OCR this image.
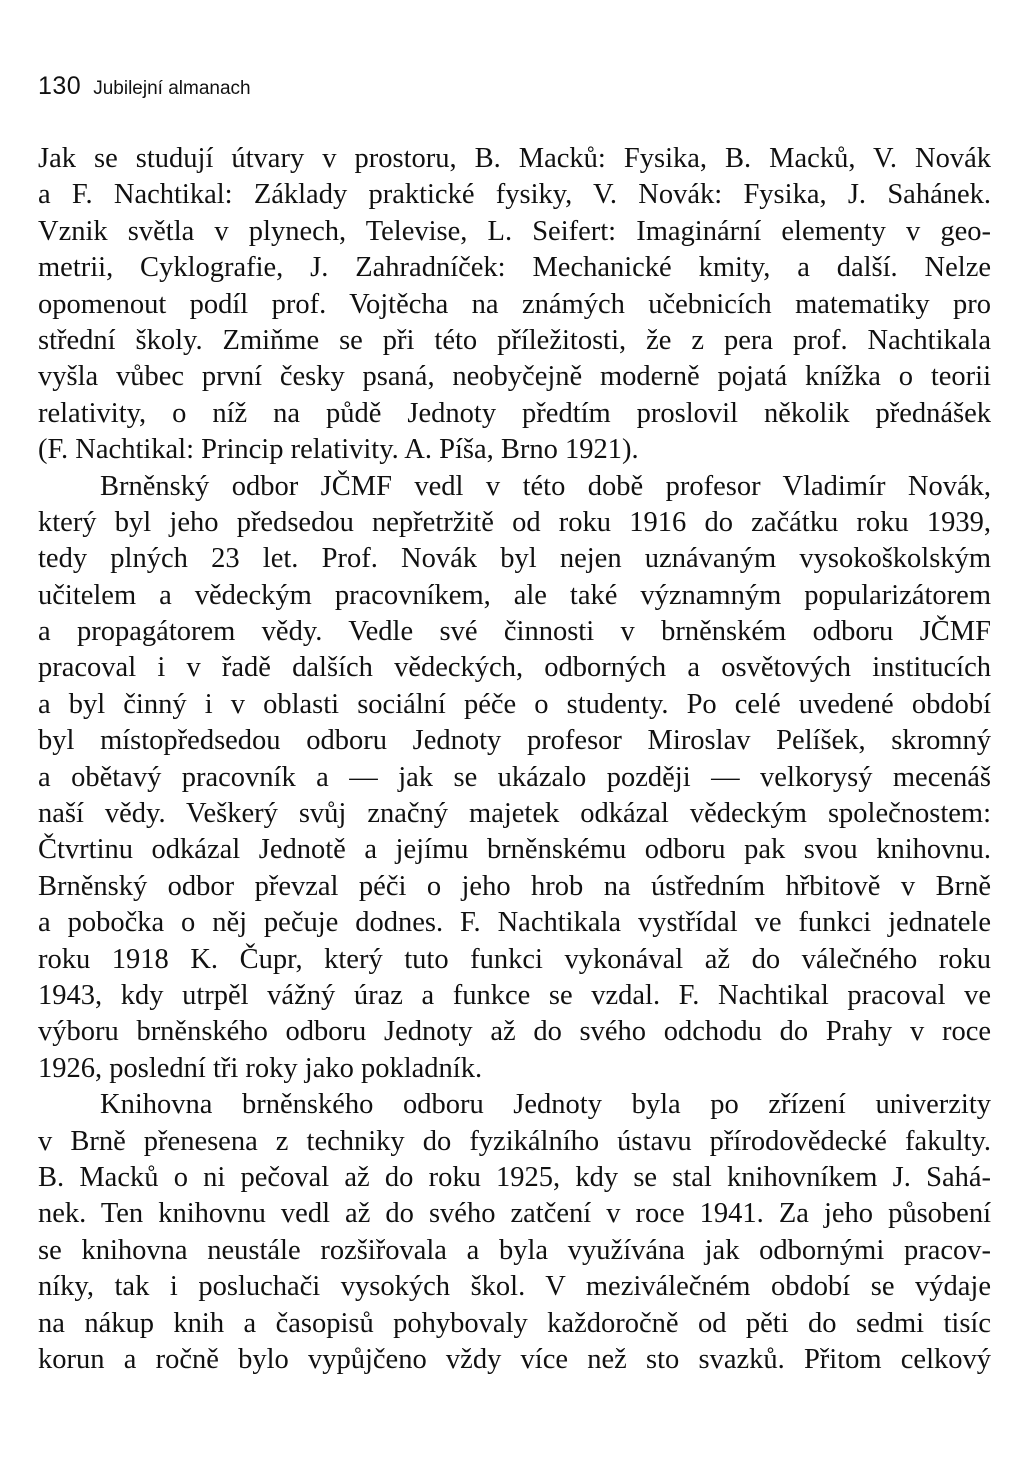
130 Jubilejní almanach
Jak se studují útvary v prostoru, B. Macků: Fysika, B. Macků, V. Novák
a F. Nachtikal: Základy praktické fysiky, V. Novák: Fysika, J. Sahánek.
Vznik světla v plynech, Televise, L. Seifert: Imaginární elementy v geo-
metrii, Cyklografie, J. Zahradníček: Mechanické kmity, a další. Nelze
opomenout podíl prof. Vojtěcha na známých učebnicích matematiky pro
střední školy. Zmiňme se při této příležitosti, že z pera prof. Nachtikala
vyšla vůbec první česky psaná, neobyčejně moderně pojatá knížka o teorii
relativity, o níž na půdě Jednoty předtím proslovil několik přednášek
(F. Nachtikal: Princip relativity. A. Píša, Brno 1921).
Brněnský odbor JČMF vedl v této době profesor Vladimír Novák,
který byl jeho předsedou nepřetržitě od roku 1916 do začátku roku 1939,
tedy plných 23 let. Prof. Novák byl nejen uznávaným vysokoškolským
učitelem a vědeckým pracovníkem, ale také významným popularizátorem
a propagátorem vědy. Vedle své činnosti v brněnském odboru JČMF
pracoval i v řadě dalších vědeckých, odborných a osvětových institucích
a byl činný i v oblasti sociální péče o studenty. Po celé uvedené období
byl místopředsedou odboru Jednoty profesor Miroslav Pelíšek, skromný
a obětavý pracovník a — jak se ukázalo později — velkorysý mecenáš
naší vědy. Veškerý svůj značný majetek odkázal vědeckým společnostem:
Čtvrtinu odkázal Jednotě a jejímu brněnskému odboru pak svou knihovnu.
Brněnský odbor převzal péči o jeho hrob na ústředním hřbitově v Brně
a pobočka o něj pečuje dodnes. F. Nachtikala vystřídal ve funkci jednatele
roku 1918 K. Čupr, který tuto funkci vykonával až do válečného roku
1943, kdy utrpěl vážný úraz a funkce se vzdal. F. Nachtikal pracoval ve
výboru brněnského odboru Jednoty až do svého odchodu do Prahy v roce
1926, poslední tři roky jako pokladník.
Knihovna brněnského odboru Jednoty byla po zřízení univerzity
v Brně přenesena z techniky do fyzikálního ústavu přírodovědecké fakulty.
B. Macků o ni pečoval až do roku 1925, kdy se stal knihovníkem J. Sahá-
nek. Ten knihovnu vedl až do svého zatčení v roce 1941. Za jeho působení
se knihovna neustále rozšiřovala a byla využívána jak odbornými pracov-
níky, tak i posluchači vysokých škol. V meziválečném období se výdaje
na nákup knih a časopisů pohybovaly každoročně od pěti do sedmi tisíc
korun a ročně bylo vypůjčeno vždy více než sto svazků. Přitom celkový
